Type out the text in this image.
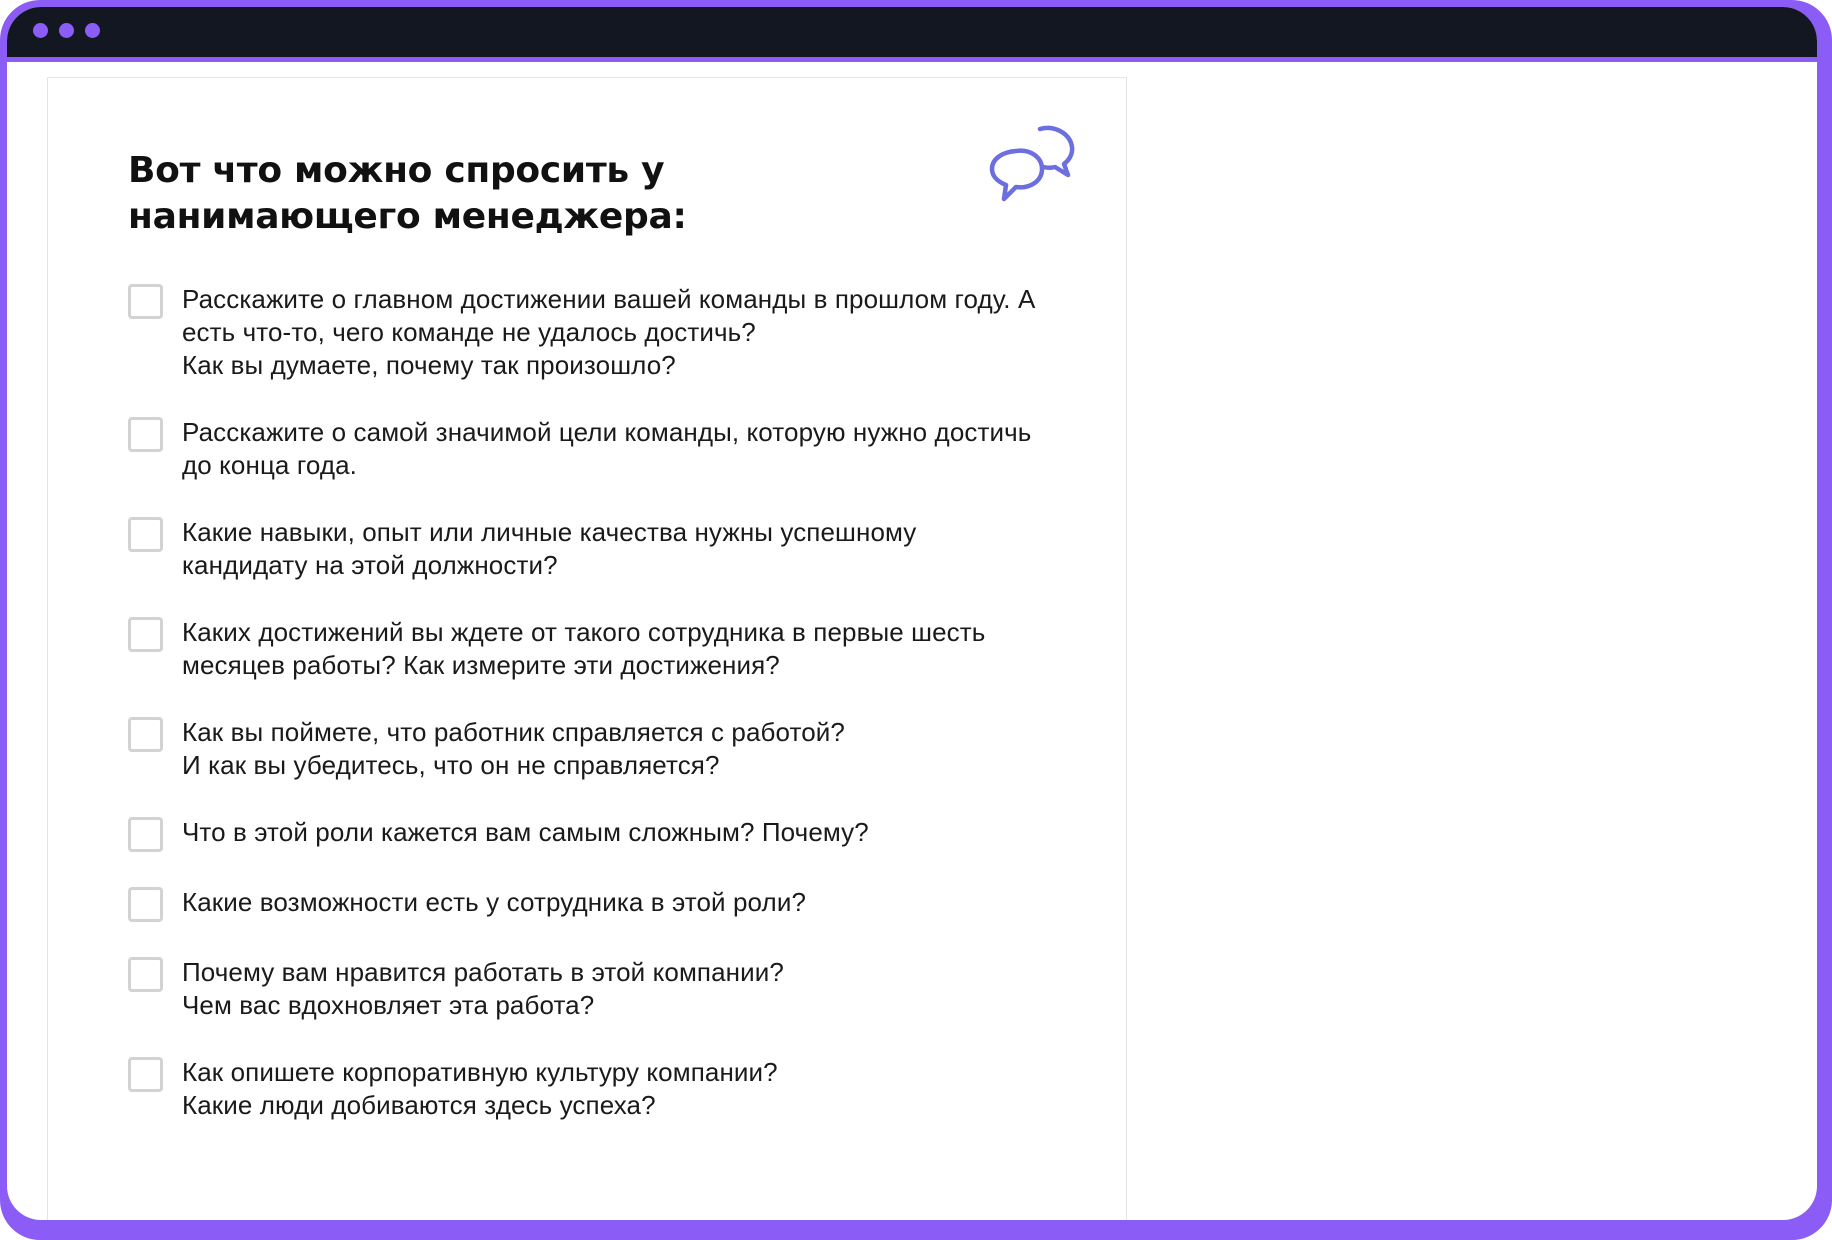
Вот что можно спросить у нанимающего менеджера:
Расскажите о главном достижении вашей команды в прошлом году. А есть что-то, чего команде не удалось достичь?
Как вы думаете, почему так произошло?
Расскажите о самой значимой цели команды, которую нужно достичь до конца года.
Какие навыки, опыт или личные качества нужны успешному кандидату на этой должности?
Каких достижений вы ждете от такого сотрудника в первые шесть месяцев работы? Как измерите эти достижения?
Как вы поймете, что работник справляется с работой?
И как вы убедитесь, что он не справляется?
Что в этой роли кажется вам самым сложным? Почему?
Какие возможности есть у сотрудника в этой роли?
Почему вам нравится работать в этой компании?
Чем вас вдохновляет эта работа?
Как опишете корпоративную культуру компании?
Какие люди добиваются здесь успеха?
